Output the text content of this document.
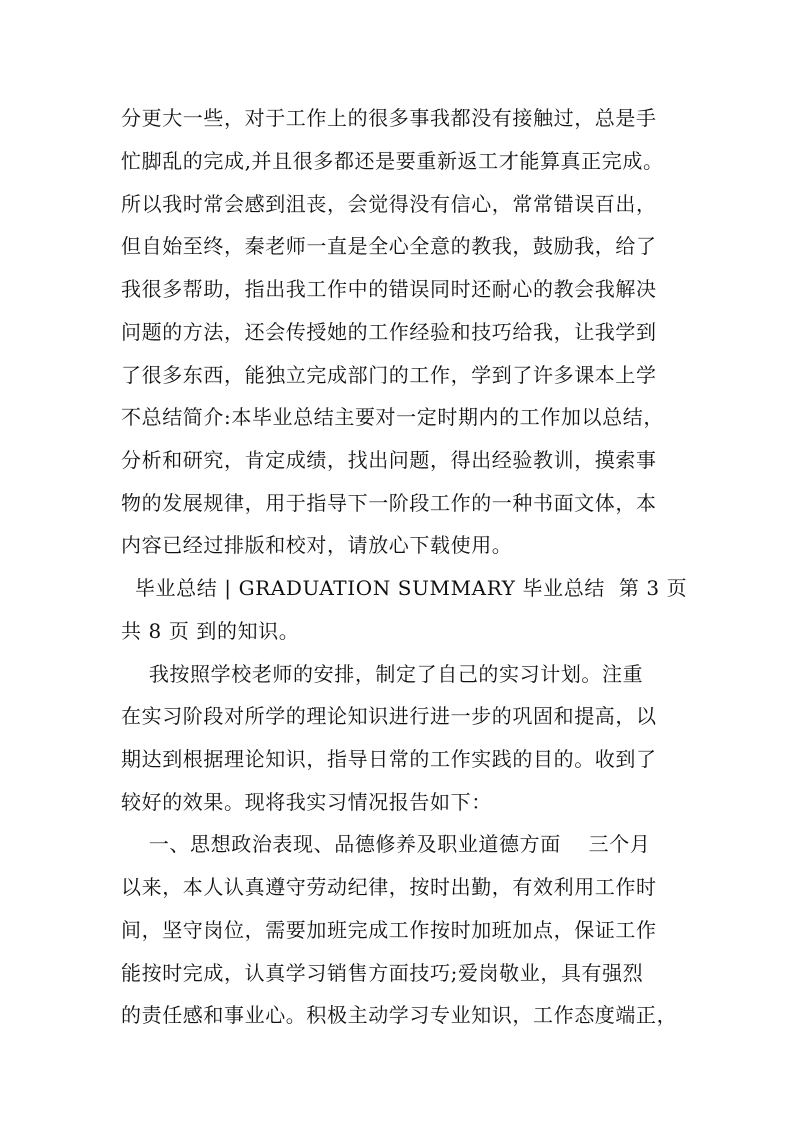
分更大一些，对于工作上的很多事我都没有接触过，总是手
忙脚乱的完成,并且很多都还是要重新返工才能算真正完成。
所以我时常会感到沮丧，会觉得没有信心，常常错误百出，
但自始至终，秦老师一直是全心全意的教我，鼓励我，给了
我很多帮助，指出我工作中的错误同时还耐心的教会我解决
问题的方法，还会传授她的工作经验和技巧给我，让我学到
了很多东西，能独立完成部门的工作，学到了许多课本上学
不总结简介:本毕业总结主要对一定时期内的工作加以总结，
分析和研究，肯定成绩，找出问题，得出经验教训，摸索事
物的发展规律，用于指导下一阶段工作的一种书面文体，本
内容已经过排版和校对，请放心下载使用。
毕业总结 | GRADUATION SUMMARY 毕业总结  第 3 页
共 8 页 到的知识。
我按照学校老师的安排，制定了自己的实习计划。注重
在实习阶段对所学的理论知识进行进一步的巩固和提高，以
期达到根据理论知识，指导日常的工作实践的目的。收到了
较好的效果。现将我实习情况报告如下：
一、思想政治表现、品德修养及职业道德方面    三个月
以来，本人认真遵守劳动纪律，按时出勤，有效利用工作时
间，坚守岗位，需要加班完成工作按时加班加点，保证工作
能按时完成，认真学习销售方面技巧;爱岗敬业，具有强烈
的责任感和事业心。积极主动学习专业知识，工作态度端正，
